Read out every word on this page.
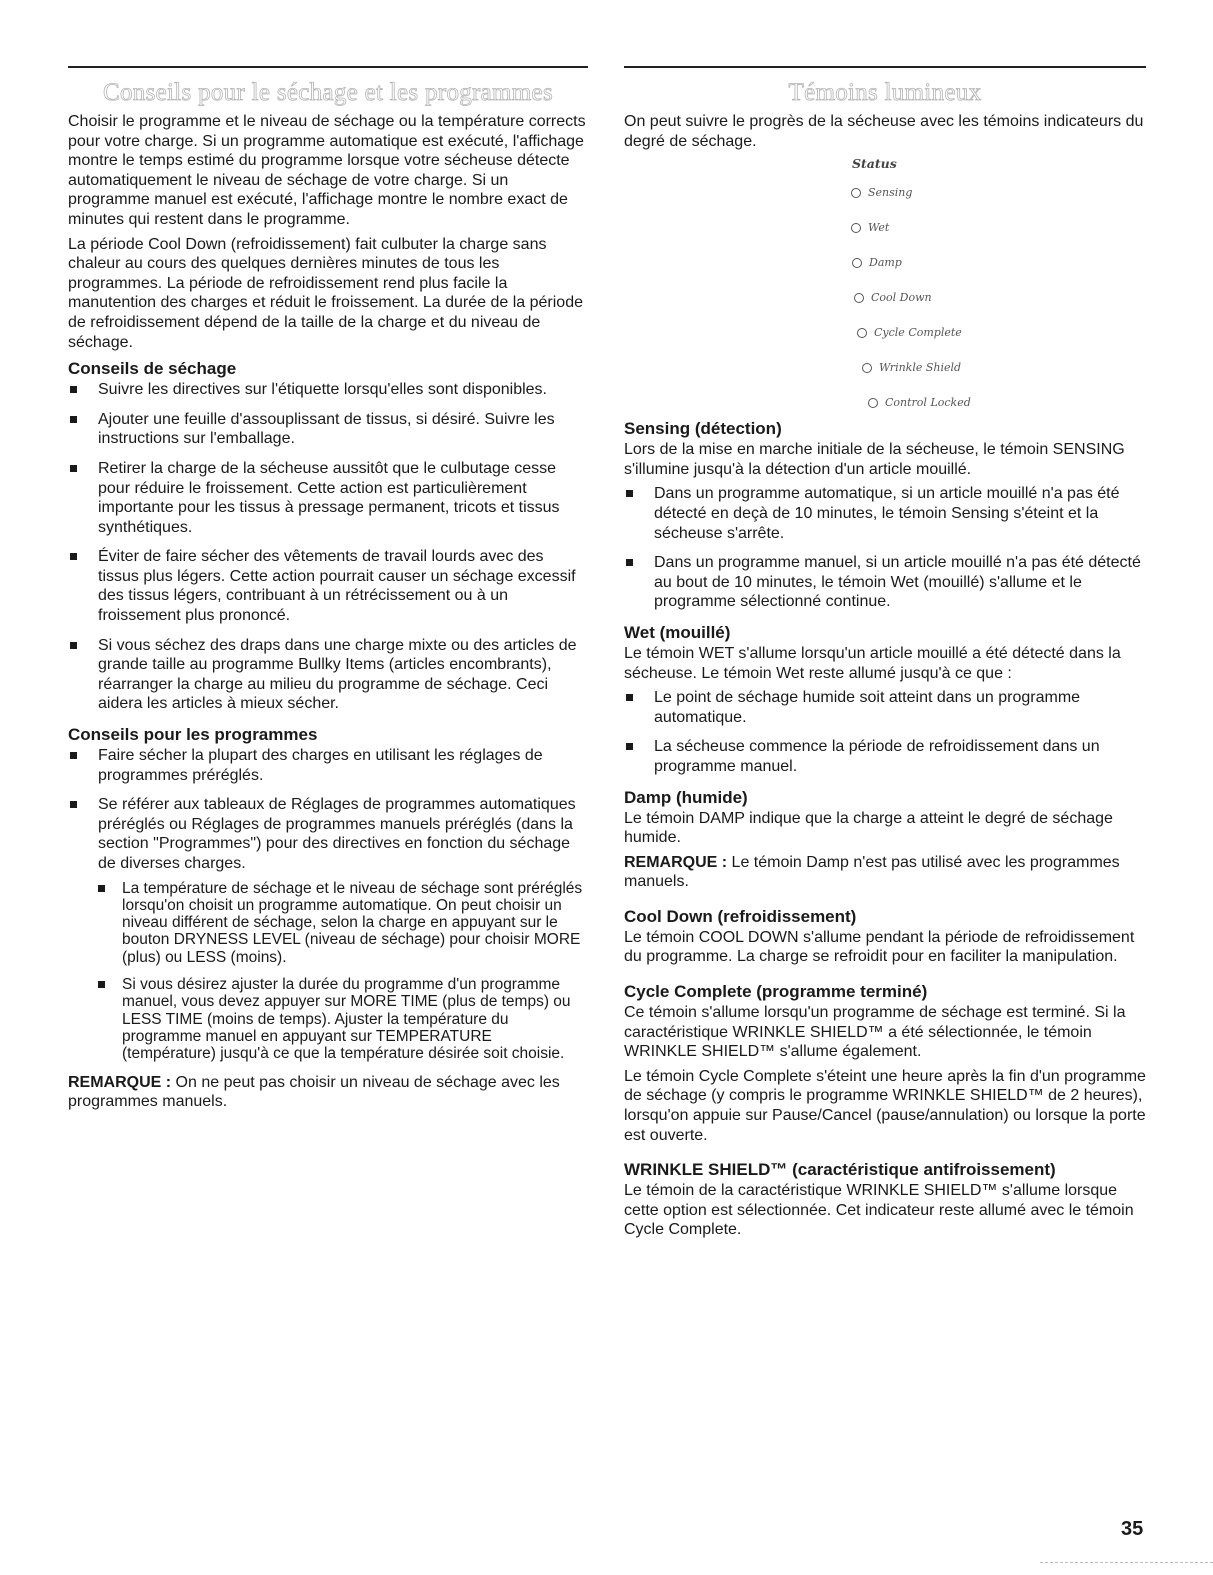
Conseils pour le séchage et les programmes

Choisir le programme et le niveau de séchage ou la température corrects pour votre charge. Si un programme automatique est exécuté, l'affichage montre le temps estimé du programme lorsque votre sécheuse détecte automatiquement le niveau de séchage de votre charge. Si un programme manuel est exécuté, l'affichage montre le nombre exact de minutes qui restent dans le programme.

La période Cool Down (refroidissement) fait culbuter la charge sans chaleur au cours des quelques dernières minutes de tous les programmes. La période de refroidissement rend plus facile la manutention des charges et réduit le froissement. La durée de la période de refroidissement dépend de la taille de la charge et du niveau de séchage.

Conseils de séchage
Suivre les directives sur l'étiquette lorsqu'elles sont disponibles.
Ajouter une feuille d'assouplissant de tissus, si désiré. Suivre les instructions sur l'emballage.
Retirer la charge de la sécheuse aussitôt que le culbutage cesse pour réduire le froissement. Cette action est particulièrement importante pour les tissus à pressage permanent, tricots et tissus synthétiques.
Éviter de faire sécher des vêtements de travail lourds avec des tissus plus légers. Cette action pourrait causer un séchage excessif des tissus légers, contribuant à un rétrécissement ou à un froissement plus prononcé.
Si vous séchez des draps dans une charge mixte ou des articles de grande taille au programme Bullky Items (articles encombrants), réarranger la charge au milieu du programme de séchage. Ceci aidera les articles à mieux sécher.
Conseils pour les programmes
Faire sécher la plupart des charges en utilisant les réglages de programmes préréglés.
Se référer aux tableaux de Réglages de programmes automatiques préréglés ou Réglages de programmes manuels préréglés (dans la section "Programmes") pour des directives en fonction du séchage de diverses charges.
La température de séchage et le niveau de séchage sont préréglés lorsqu'on choisit un programme automatique. On peut choisir un niveau différent de séchage, selon la charge en appuyant sur le bouton DRYNESS LEVEL (niveau de séchage) pour choisir MORE (plus) ou LESS (moins).
Si vous désirez ajuster la durée du programme d'un programme manuel, vous devez appuyer sur MORE TIME (plus de temps) ou LESS TIME (moins de temps). Ajuster la température du programme manuel en appuyant sur TEMPERATURE (température) jusqu'à ce que la température désirée soit choisie.

REMARQUE : On ne peut pas choisir un niveau de séchage avec les programmes manuels.

Témoins lumineux

On peut suivre le progrès de la sécheuse avec les témoins indicateurs du degré de séchage.

Status
Sensing
Wet
Damp
Cool Down
Cycle Complete
Wrinkle Shield
Control Locked
Sensing (détection)

Lors de la mise en marche initiale de la sécheuse, le témoin SENSING s'illumine jusqu'à la détection d'un article mouillé.

Dans un programme automatique, si un article mouillé n'a pas été détecté en deçà de 10 minutes, le témoin Sensing s'éteint et la sécheuse s'arrête.
Dans un programme manuel, si un article mouillé n'a pas été détecté au bout de 10 minutes, le témoin Wet (mouillé) s'allume et le programme sélectionné continue.
Wet (mouillé)

Le témoin WET s'allume lorsqu'un article mouillé a été détecté dans la sécheuse. Le témoin Wet reste allumé jusqu'à ce que :

Le point de séchage humide soit atteint dans un programme automatique.
La sécheuse commence la période de refroidissement dans un programme manuel.
Damp (humide)

Le témoin DAMP indique que la charge a atteint le degré de séchage humide.

REMARQUE : Le témoin Damp n'est pas utilisé avec les programmes manuels.

Cool Down (refroidissement)

Le témoin COOL DOWN s'allume pendant la période de refroidissement du programme. La charge se refroidit pour en faciliter la manipulation.

Cycle Complete (programme terminé)

Ce témoin s'allume lorsqu'un programme de séchage est terminé. Si la caractéristique WRINKLE SHIELD™ a été sélectionnée, le témoin WRINKLE SHIELD™ s'allume également.

Le témoin Cycle Complete s'éteint une heure après la fin d'un programme de séchage (y compris le programme WRINKLE SHIELD™ de 2 heures), lorsqu'on appuie sur Pause/Cancel (pause/annulation) ou lorsque la porte est ouverte.

WRINKLE SHIELD™ (caractéristique antifroissement)

Le témoin de la caractéristique WRINKLE SHIELD™ s'allume lorsque cette option est sélectionnée. Cet indicateur reste allumé avec le témoin Cycle Complete.

35
